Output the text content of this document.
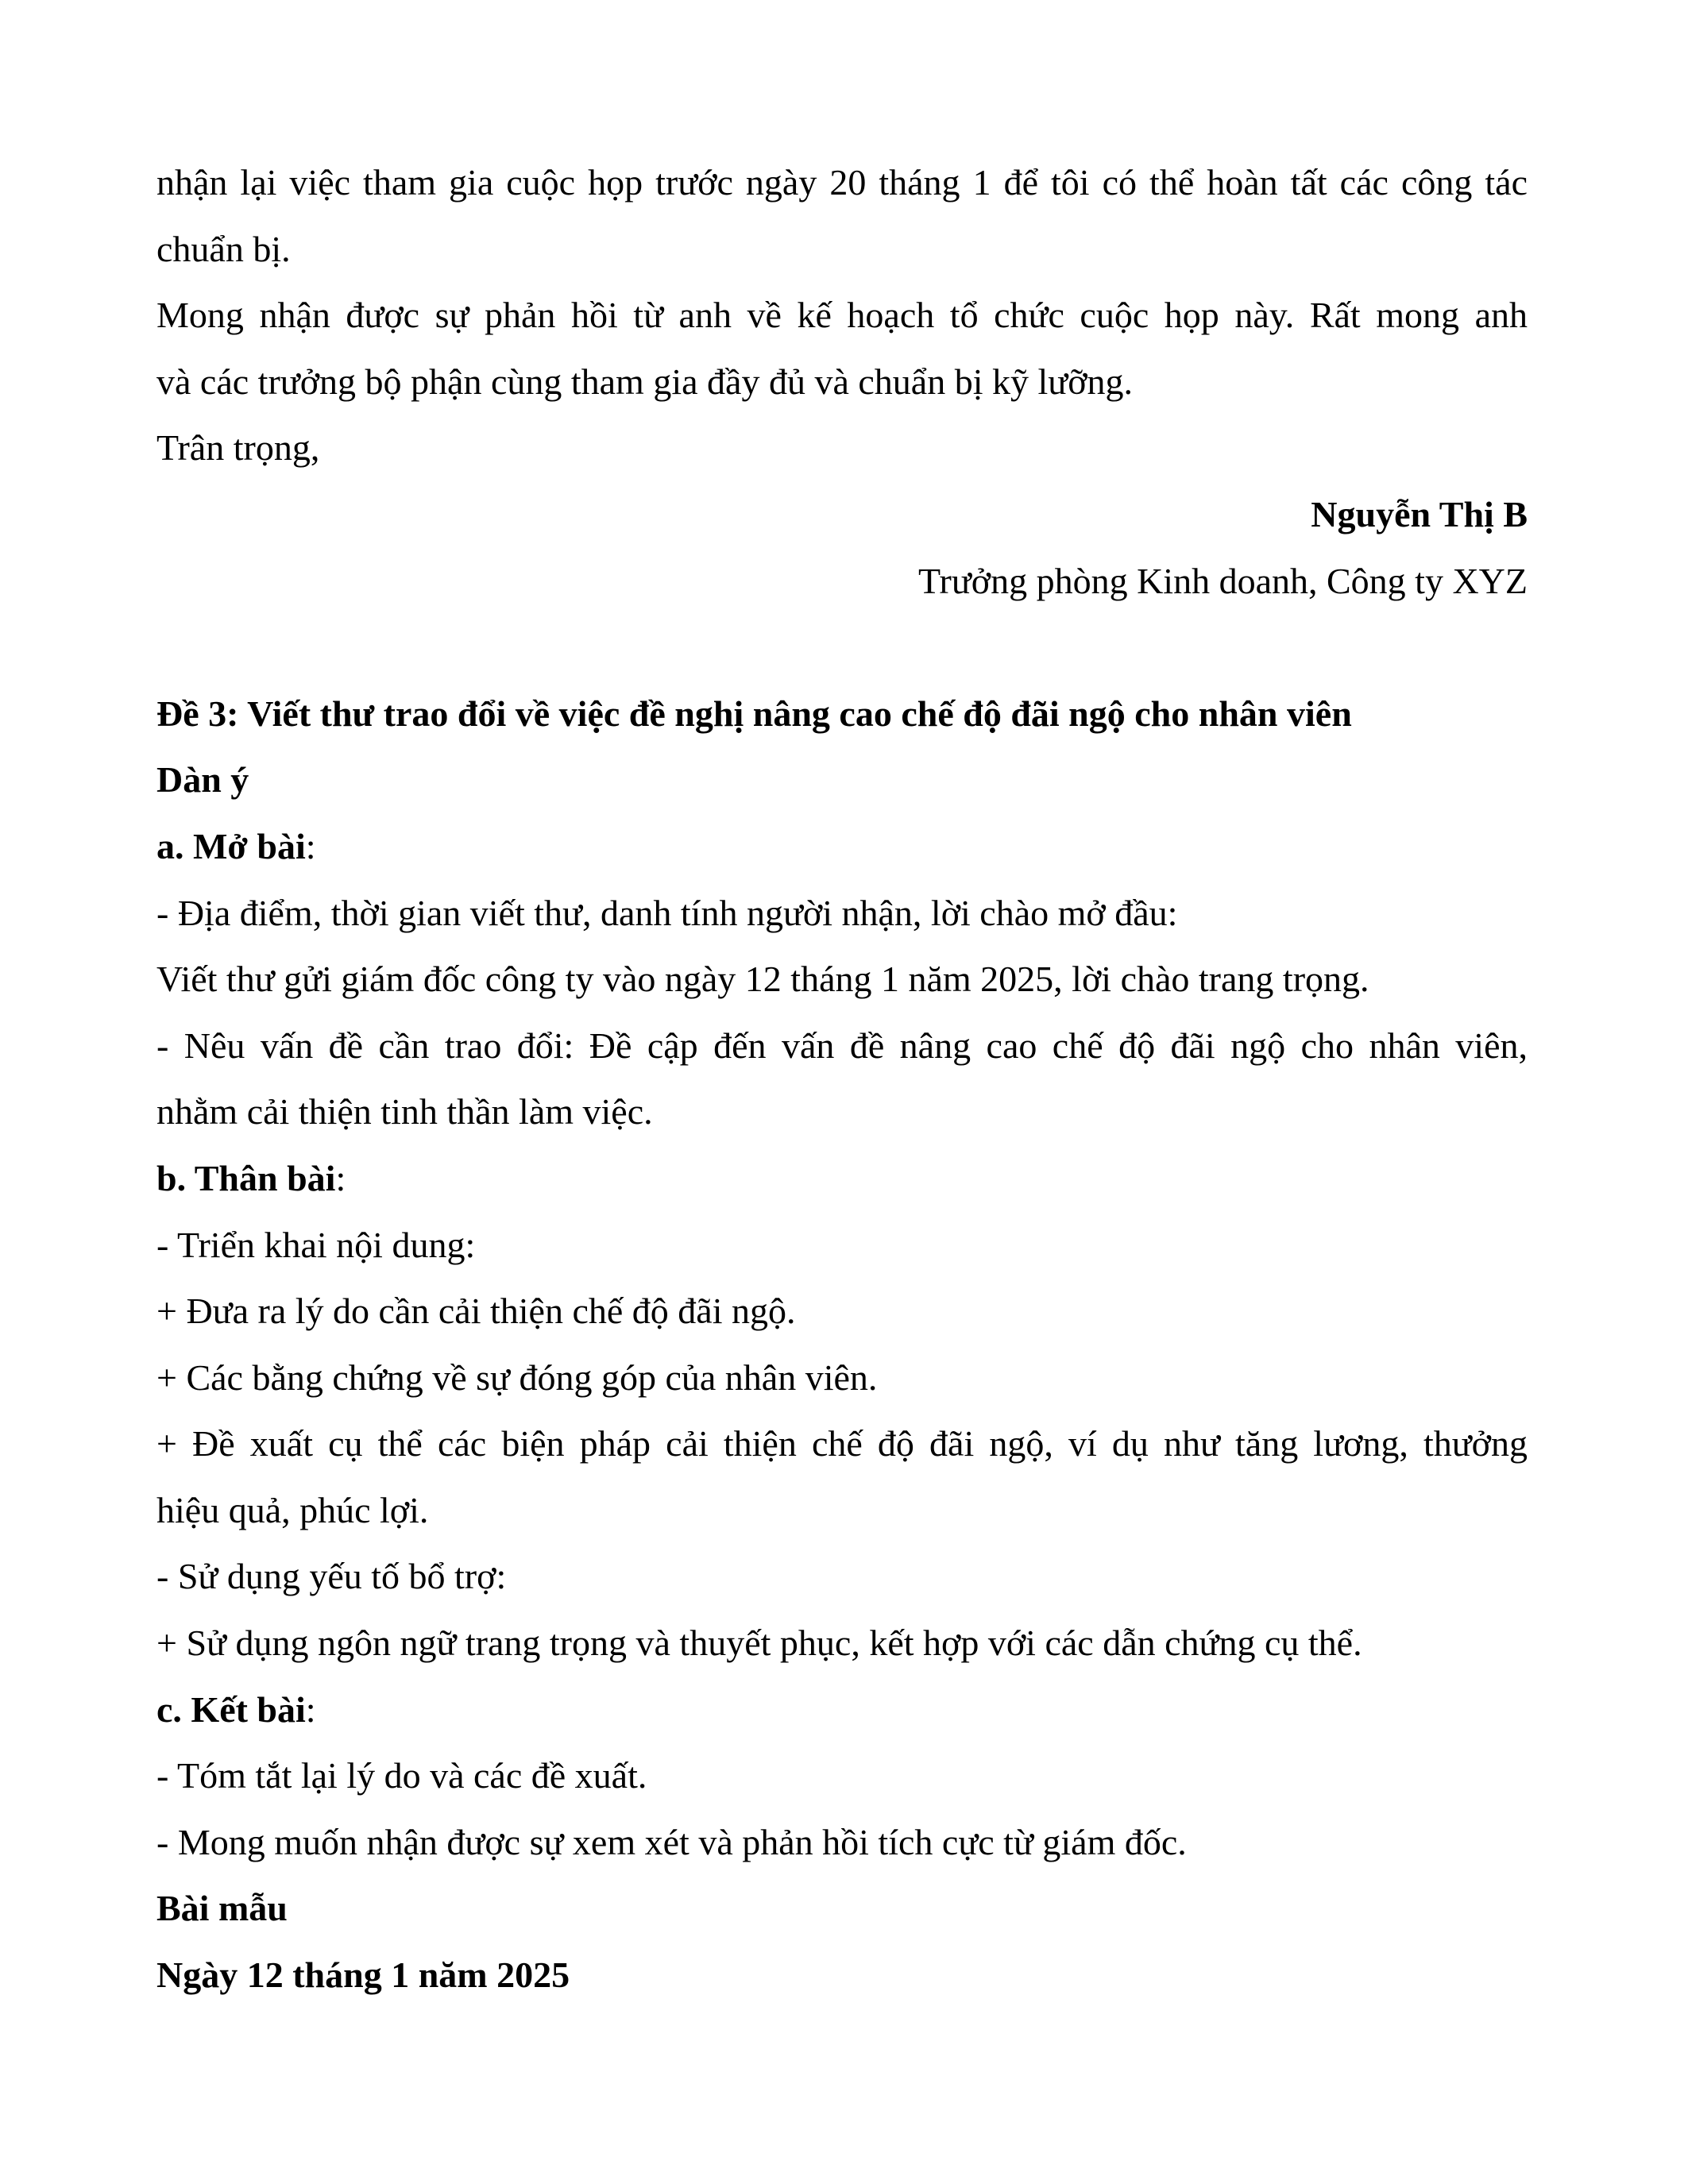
nhận lại việc tham gia cuộc họp trước ngày 20 tháng 1 để tôi có thể hoàn tất các công tác

chuẩn bị.

Mong nhận được sự phản hồi từ anh về kế hoạch tổ chức cuộc họp này. Rất mong anh

và các trưởng bộ phận cùng tham gia đầy đủ và chuẩn bị kỹ lưỡng.

Trân trọng,

Nguyễn Thị B

Trưởng phòng Kinh doanh, Công ty XYZ

Đề 3: Viết thư trao đổi về việc đề nghị nâng cao chế độ đãi ngộ cho nhân viên

Dàn ý

a. Mở bài:

- Địa điểm, thời gian viết thư, danh tính người nhận, lời chào mở đầu:

Viết thư gửi giám đốc công ty vào ngày 12 tháng 1 năm 2025, lời chào trang trọng.

- Nêu vấn đề cần trao đổi: Đề cập đến vấn đề nâng cao chế độ đãi ngộ cho nhân viên,

nhằm cải thiện tinh thần làm việc.

b. Thân bài:

- Triển khai nội dung:

+ Đưa ra lý do cần cải thiện chế độ đãi ngộ.

+ Các bằng chứng về sự đóng góp của nhân viên.

+ Đề xuất cụ thể các biện pháp cải thiện chế độ đãi ngộ, ví dụ như tăng lương, thưởng

hiệu quả, phúc lợi.

- Sử dụng yếu tố bổ trợ:

+ Sử dụng ngôn ngữ trang trọng và thuyết phục, kết hợp với các dẫn chứng cụ thể.

c. Kết bài:

- Tóm tắt lại lý do và các đề xuất.

- Mong muốn nhận được sự xem xét và phản hồi tích cực từ giám đốc.

Bài mẫu

Ngày 12 tháng 1 năm 2025
